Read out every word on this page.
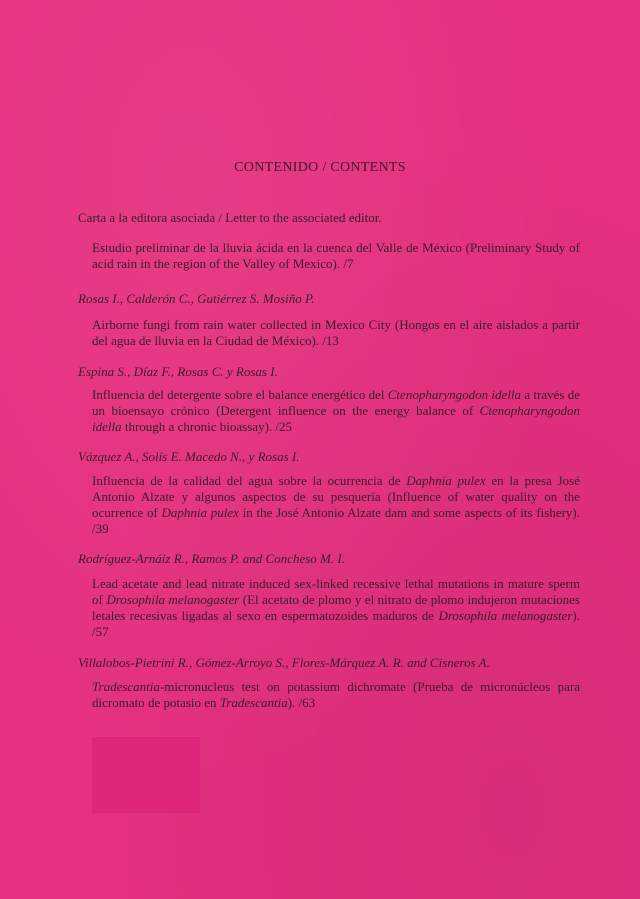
CONTENIDO / CONTENTS
Carta a la editora asociada / Letter to the associated editor.
Estudio preliminar de la lluvia ácida en la cuenca del Valle de México (Preliminary Study of acid rain in the region of the Valley of Mexico). /7
Rosas I., Calderón C., Gutiérrez S. Mosiño P.
Airborne fungi from rain water collected in Mexico City (Hongos en el aire aislados a partir del agua de lluvia en la Ciudad de México). /13
Espina S., Díaz F., Rosas C. y Rosas I.
Influencia del detergente sobre el balance energético del Ctenopharyngodon idella a través de un bioensayo crónico (Detergent influence on the energy balance of Ctenopharyngodon idella through a chronic bioassay). /25
Vázquez A., Solís E. Macedo N., y Rosas I.
Influencia de la calidad del agua sobre la ocurrencia de Daphnia pulex en la presa José Antonio Alzate y algunos aspectos de su pesquería (Influence of water quality on the ocurrence of Daphnia pulex in the José Antonio Alzate dam and some aspects of its fishery). /39
Rodríguez-Arnáiz R., Ramos P. and Concheso M. I.
Lead acetate and lead nitrate induced sex-linked recessive lethal mutations in mature sperm of Drosophila melanogaster (El acetato de plomo y el nitrato de plomo indujeron mutaciones letales recesivas ligadas al sexo en espermatozoides maduros de Drosophila melanogaster). /57
Villalobos-Pietrini R., Gómez-Arroyo S., Flores-Márquez A. R. and Cisneros A.
Tradescantia-micronucleus test on potassium dichromate (Prueba de micronúcleos para dicromato de potasio en Tradescantia). /63
